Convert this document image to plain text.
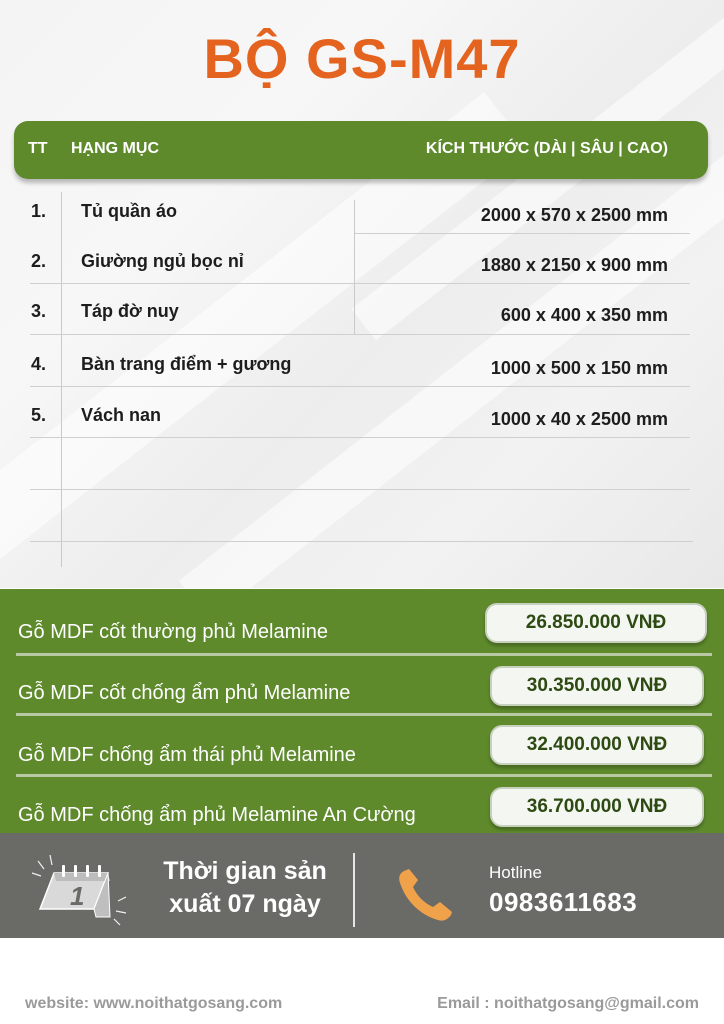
BỘ GS-M47
TT HẠNG MỤC	KÍCH THƯỚC (DÀI | SÂU | CAO)
1. Tủ quần áo	2000 x 570 x 2500 mm
2. Giường ngủ bọc nỉ	1880 x 2150 x 900 mm
3. Táp đờ nuy	600 x 400 x 350 mm
4. Bàn trang điểm + gương	1000 x 500 x 150 mm
5. Vách nan	1000 x 40 x 2500 mm
Gỗ MDF cốt thường phủ Melamine	26.850.000 VNĐ
Gỗ MDF cốt chống ẩm phủ Melamine	30.350.000 VNĐ
Gỗ MDF chống ẩm thái phủ Melamine	32.400.000 VNĐ
Gỗ MDF chống ẩm phủ Melamine An Cường	36.700.000 VNĐ
1
Thời gian sản
xuất 07 ngày
Hotline
0983611683
website: www.noithatgosang.com	Email : noithatgosang@gmail.com
